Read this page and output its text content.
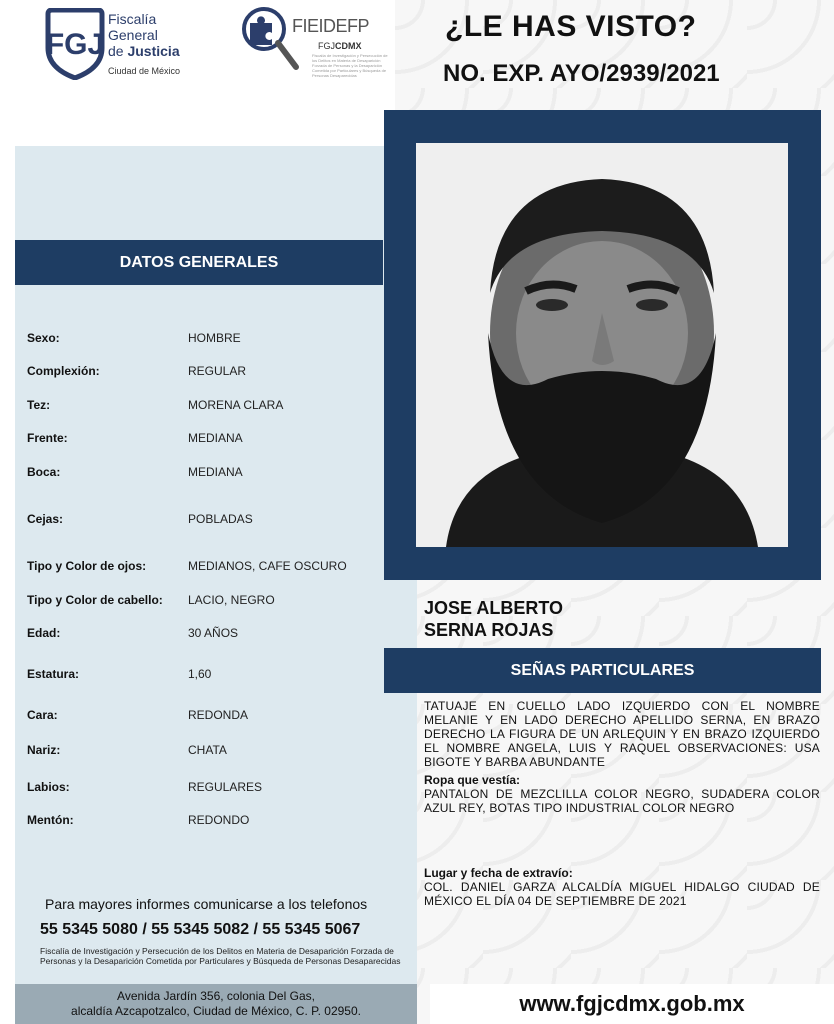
FGJ
Fiscalía
General
de Justicia
Ciudad de México
FIEIDEFP
FGJCDMX
Fiscalía de Investigación y Persecución de los Delitos en Materia de Desaparición Forzada de Personas y la Desaparición Cometida por Particulares y Búsqueda de Personas Desaparecidas
¿LE HAS VISTO?
NO. EXP. AYO/2939/2021
DATOS GENERALES
Sexo:	HOMBRE
Complexión:	REGULAR
Tez:	MORENA CLARA
Frente:	MEDIANA
Boca:	MEDIANA
Cejas:	POBLADAS
Tipo y Color de ojos:	MEDIANOS, CAFE OSCURO
Tipo y Color de cabello: LACIO, NEGRO
Edad:	30 AÑOS
Estatura:	1,60
Cara:	REDONDA
Nariz:	CHATA
Labios:	REGULARES
Mentón:	REDONDO
Para mayores informes comunicarse a los telefonos
55 5345 5080 / 55 5345 5082 / 55 5345 5067
Fiscalía de Investigación y Persecución de los Delitos en Materia de Desaparición Forzada de Personas y la Desaparición Cometida por Particulares y Búsqueda de Personas Desaparecidas
Avenida Jardín 356, colonia Del Gas,
alcaldía Azcapotzalco, Ciudad de México, C. P. 02950.
JOSE ALBERTO
SERNA ROJAS
SEÑAS PARTICULARES
TATUAJE EN CUELLO LADO IZQUIERDO CON EL NOMBRE MELANIE Y EN LADO DERECHO APELLIDO SERNA, EN BRAZO DERECHO LA FIGURA DE UN ARLEQUIN Y EN BRAZO IZQUIERDO EL NOMBRE ANGELA, LUIS Y RAQUEL OBSERVACIONES: USA BIGOTE Y BARBA ABUNDANTE
Ropa que vestía:
PANTALON DE MEZCLILLA COLOR NEGRO, SUDADERA COLOR AZUL REY, BOTAS TIPO INDUSTRIAL COLOR NEGRO
Lugar y fecha de extravío:
COL. DANIEL GARZA ALCALDÍA MIGUEL HIDALGO CIUDAD DE MÉXICO EL DÍA 04 DE SEPTIEMBRE DE 2021
www.fgjcdmx.gob.mx
